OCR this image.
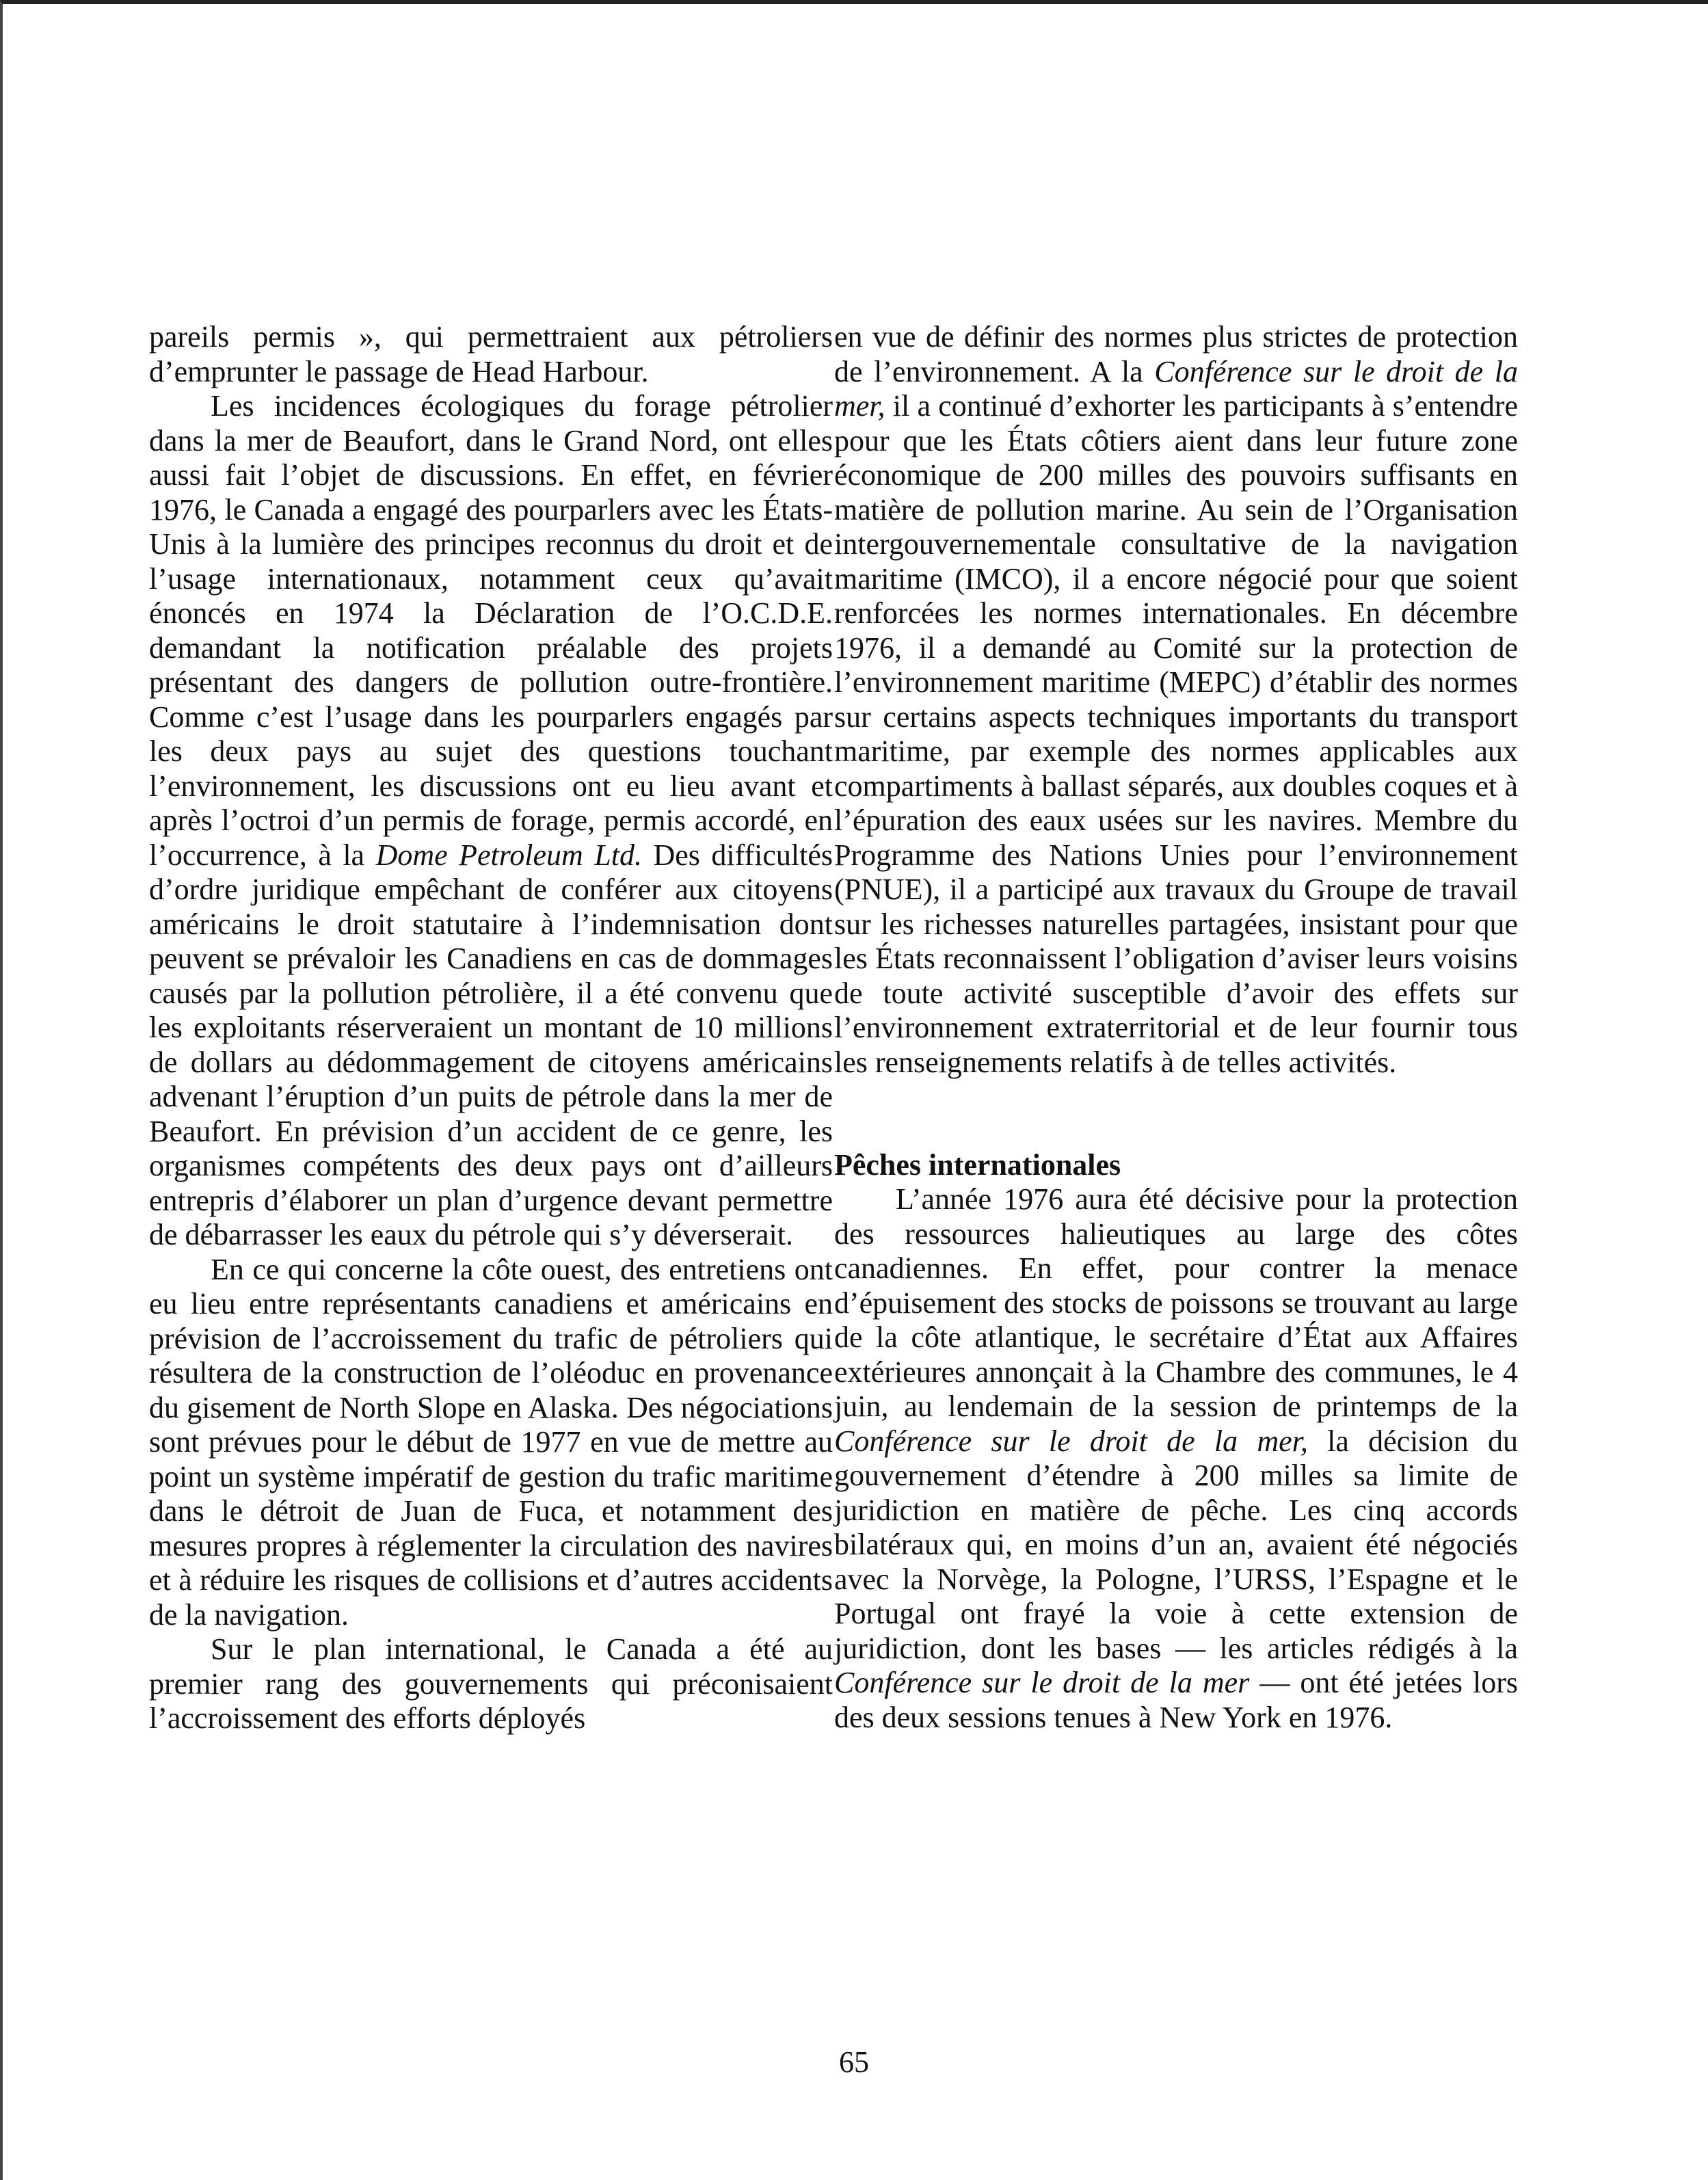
pareils permis », qui permettraient aux pétroliers d’emprunter le passage de Head Harbour.

Les incidences écologiques du forage pétrolier dans la mer de Beaufort, dans le Grand Nord, ont elles aussi fait l’objet de discussions. En effet, en février 1976, le Canada a engagé des pourparlers avec les États-Unis à la lumière des principes reconnus du droit et de l’usage internationaux, notamment ceux qu’avait énoncés en 1974 la Déclaration de l’O.C.D.E. demandant la notification préalable des projets présentant des dangers de pollution outre-frontière. Comme c’est l’usage dans les pourparlers engagés par les deux pays au sujet des questions touchant l’environnement, les discussions ont eu lieu avant et après l’octroi d’un permis de forage, permis accordé, en l’occurrence, à la Dome Petroleum Ltd. Des difficultés d’ordre juridique empêchant de conférer aux citoyens américains le droit statutaire à l’indemnisation dont peuvent se prévaloir les Canadiens en cas de dommages causés par la pollution pétrolière, il a été convenu que les exploitants réserveraient un montant de 10 millions de dollars au dédommagement de citoyens américains advenant l’éruption d’un puits de pétrole dans la mer de Beaufort. En prévision d’un accident de ce genre, les organismes compétents des deux pays ont d’ailleurs entrepris d’élaborer un plan d’urgence devant permettre de débarrasser les eaux du pétrole qui s’y déverserait.

En ce qui concerne la côte ouest, des entretiens ont eu lieu entre représentants canadiens et américains en prévision de l’accroissement du trafic de pétroliers qui résultera de la construction de l’oléoduc en provenance du gisement de North Slope en Alaska. Des négociations sont prévues pour le début de 1977 en vue de mettre au point un système impératif de gestion du trafic maritime dans le détroit de Juan de Fuca, et notamment des mesures propres à réglementer la circulation des navires et à réduire les risques de collisions et d’autres accidents de la navigation.

Sur le plan international, le Canada a été au premier rang des gouvernements qui préconisaient l’accroissement des efforts déployés

en vue de définir des normes plus strictes de protection de l’environnement. A la Conférence sur le droit de la mer, il a continué d’exhorter les participants à s’entendre pour que les États côtiers aient dans leur future zone économique de 200 milles des pouvoirs suffisants en matière de pollution marine. Au sein de l’Organisation intergouvernementale consultative de la navigation maritime (IMCO), il a encore négocié pour que soient renforcées les normes internationales. En décembre 1976, il a demandé au Comité sur la protection de l’environnement maritime (MEPC) d’établir des normes sur certains aspects techniques importants du transport maritime, par exemple des normes applicables aux compartiments à ballast séparés, aux doubles coques et à l’épuration des eaux usées sur les navires. Membre du Programme des Nations Unies pour l’environnement (PNUE), il a participé aux travaux du Groupe de travail sur les richesses naturelles partagées, insistant pour que les États reconnaissent l’obligation d’aviser leurs voisins de toute activité susceptible d’avoir des effets sur l’environnement extraterritorial et de leur fournir tous les renseignements relatifs à de telles activités.

Pêches internationales

L’année 1976 aura été décisive pour la protection des ressources halieutiques au large des côtes canadiennes. En effet, pour contrer la menace d’épuisement des stocks de poissons se trouvant au large de la côte atlantique, le secrétaire d’État aux Affaires extérieures annonçait à la Chambre des communes, le 4 juin, au lendemain de la session de printemps de la Conférence sur le droit de la mer, la décision du gouvernement d’étendre à 200 milles sa limite de juridiction en matière de pêche. Les cinq accords bilatéraux qui, en moins d’un an, avaient été négociés avec la Norvège, la Pologne, l’URSS, l’Espagne et le Portugal ont frayé la voie à cette extension de juridiction, dont les bases — les articles rédigés à la Conférence sur le droit de la mer — ont été jetées lors des deux sessions tenues à New York en 1976.

65
